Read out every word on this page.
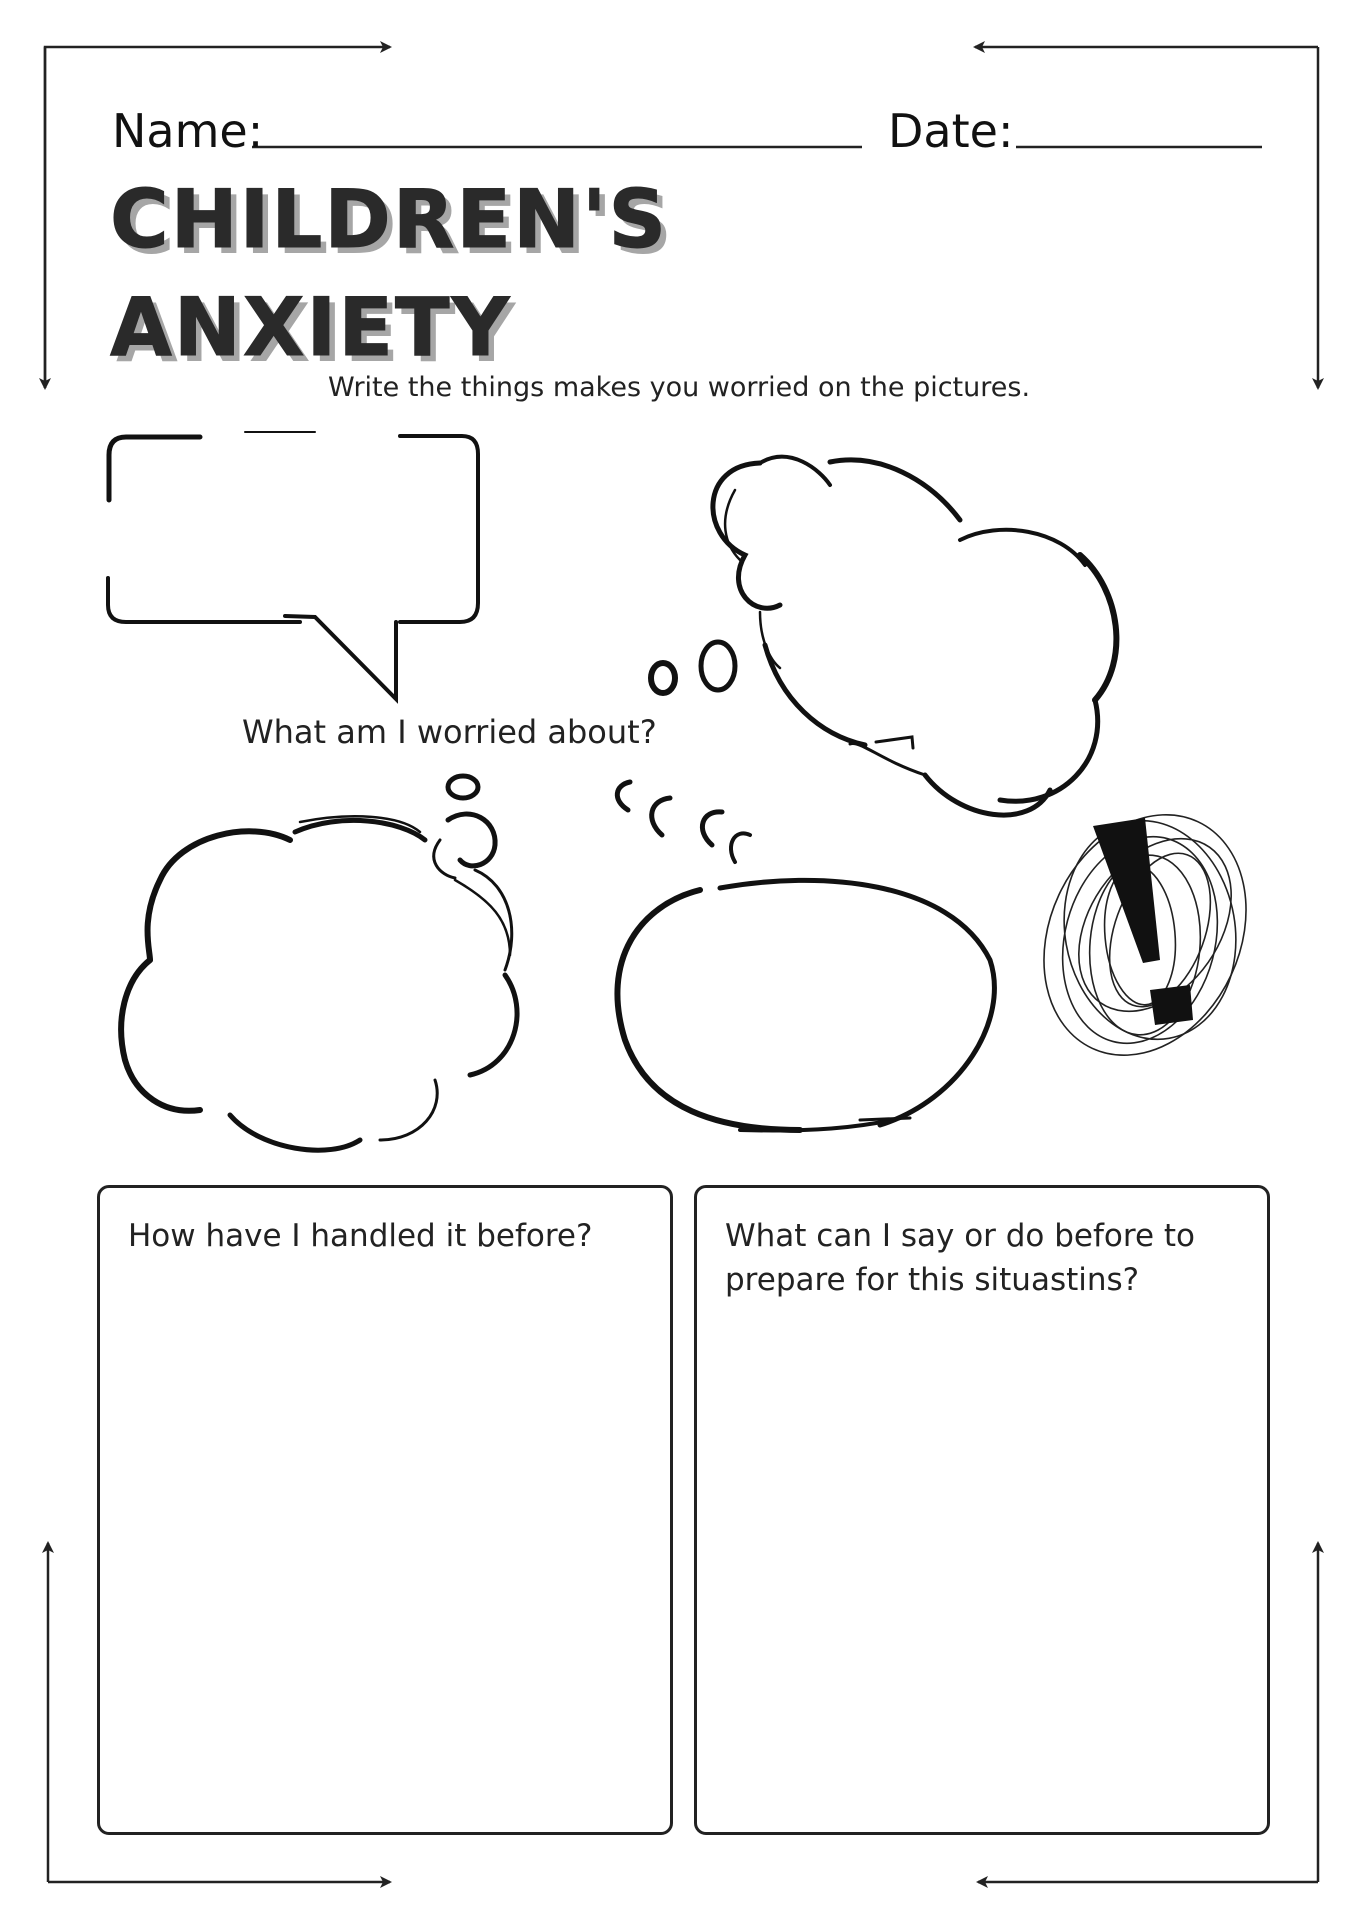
Name:	Date:
CHILDREN'S
ANXIETY
Write the things makes you worried on the pictures.
What am I worried about?
How have I handled it before?	What can I say or do before to prepare for this situastins?
